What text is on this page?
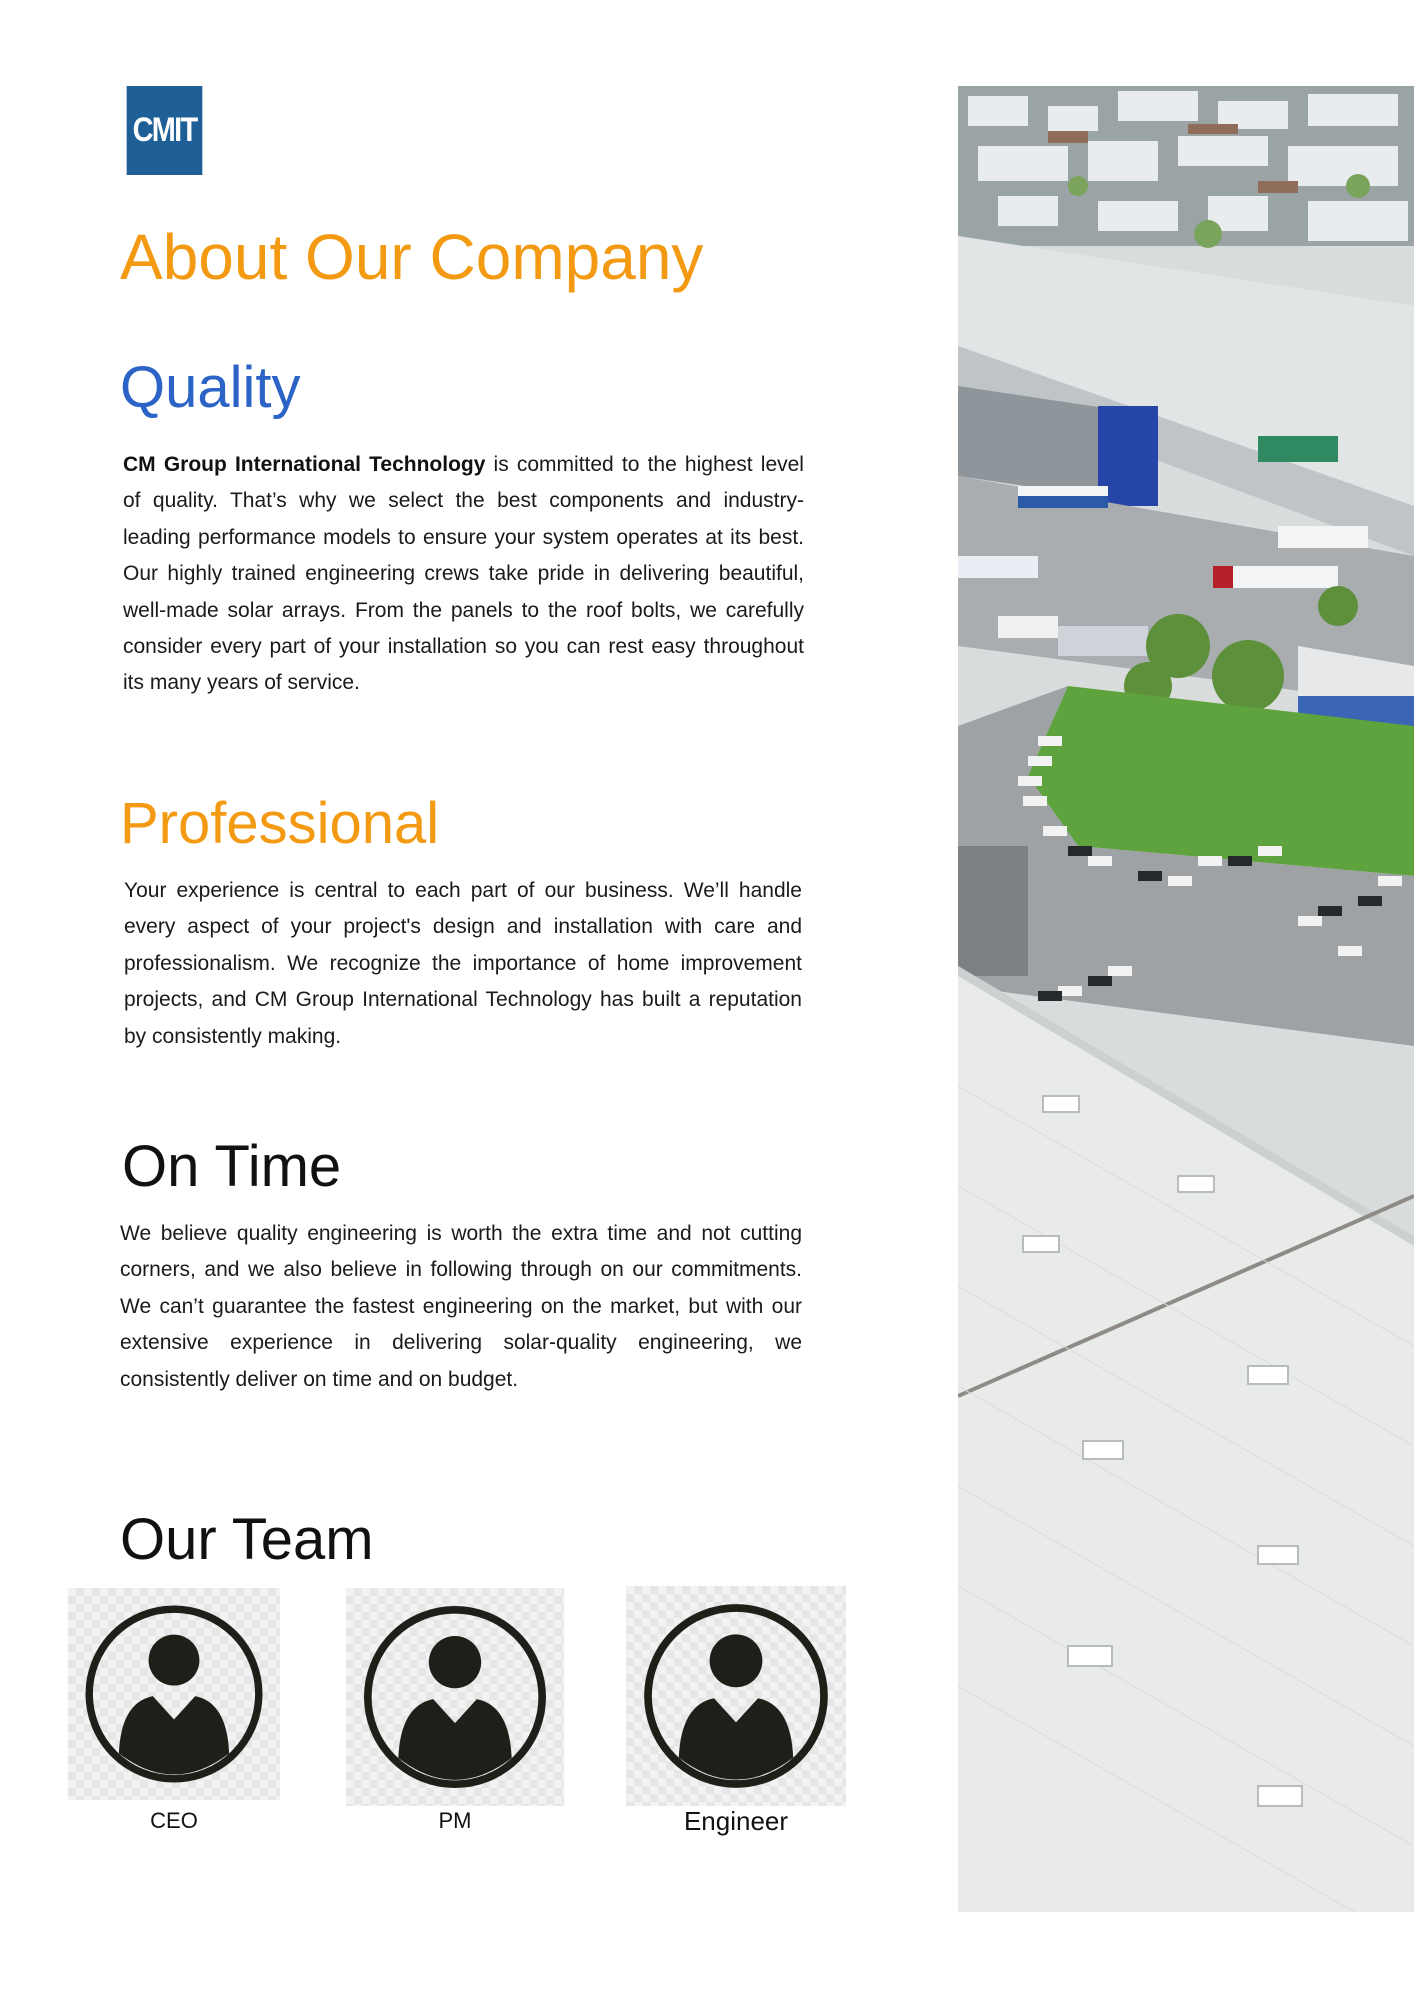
CMIT
About Our Company
Quality

CM Group International Technology is committed to the highest level of quality. That’s why we select the best components and industry-leading performance models to ensure your system operates at its best. Our highly trained engineering crews take pride in delivering beautiful, well-made solar arrays. From the panels to the roof bolts, we carefully consider every part of your installation so you can rest easy throughout its many years of service.

Professional

Your experience is central to each part of our business. We’ll handle every aspect of your project's design and installation with care and professionalism. We recognize the importance of home improvement projects, and CM Group International Technology has built a reputation by consistently making.

On Time

We believe quality engineering is worth the extra time and not cutting corners, and we also believe in following through on our commitments. We can’t guarantee the fastest engineering on the market, but with our extensive experience in delivering solar-quality engineering, we consistently deliver on time and on budget.

Our Team
CEO	PM	Engineer
